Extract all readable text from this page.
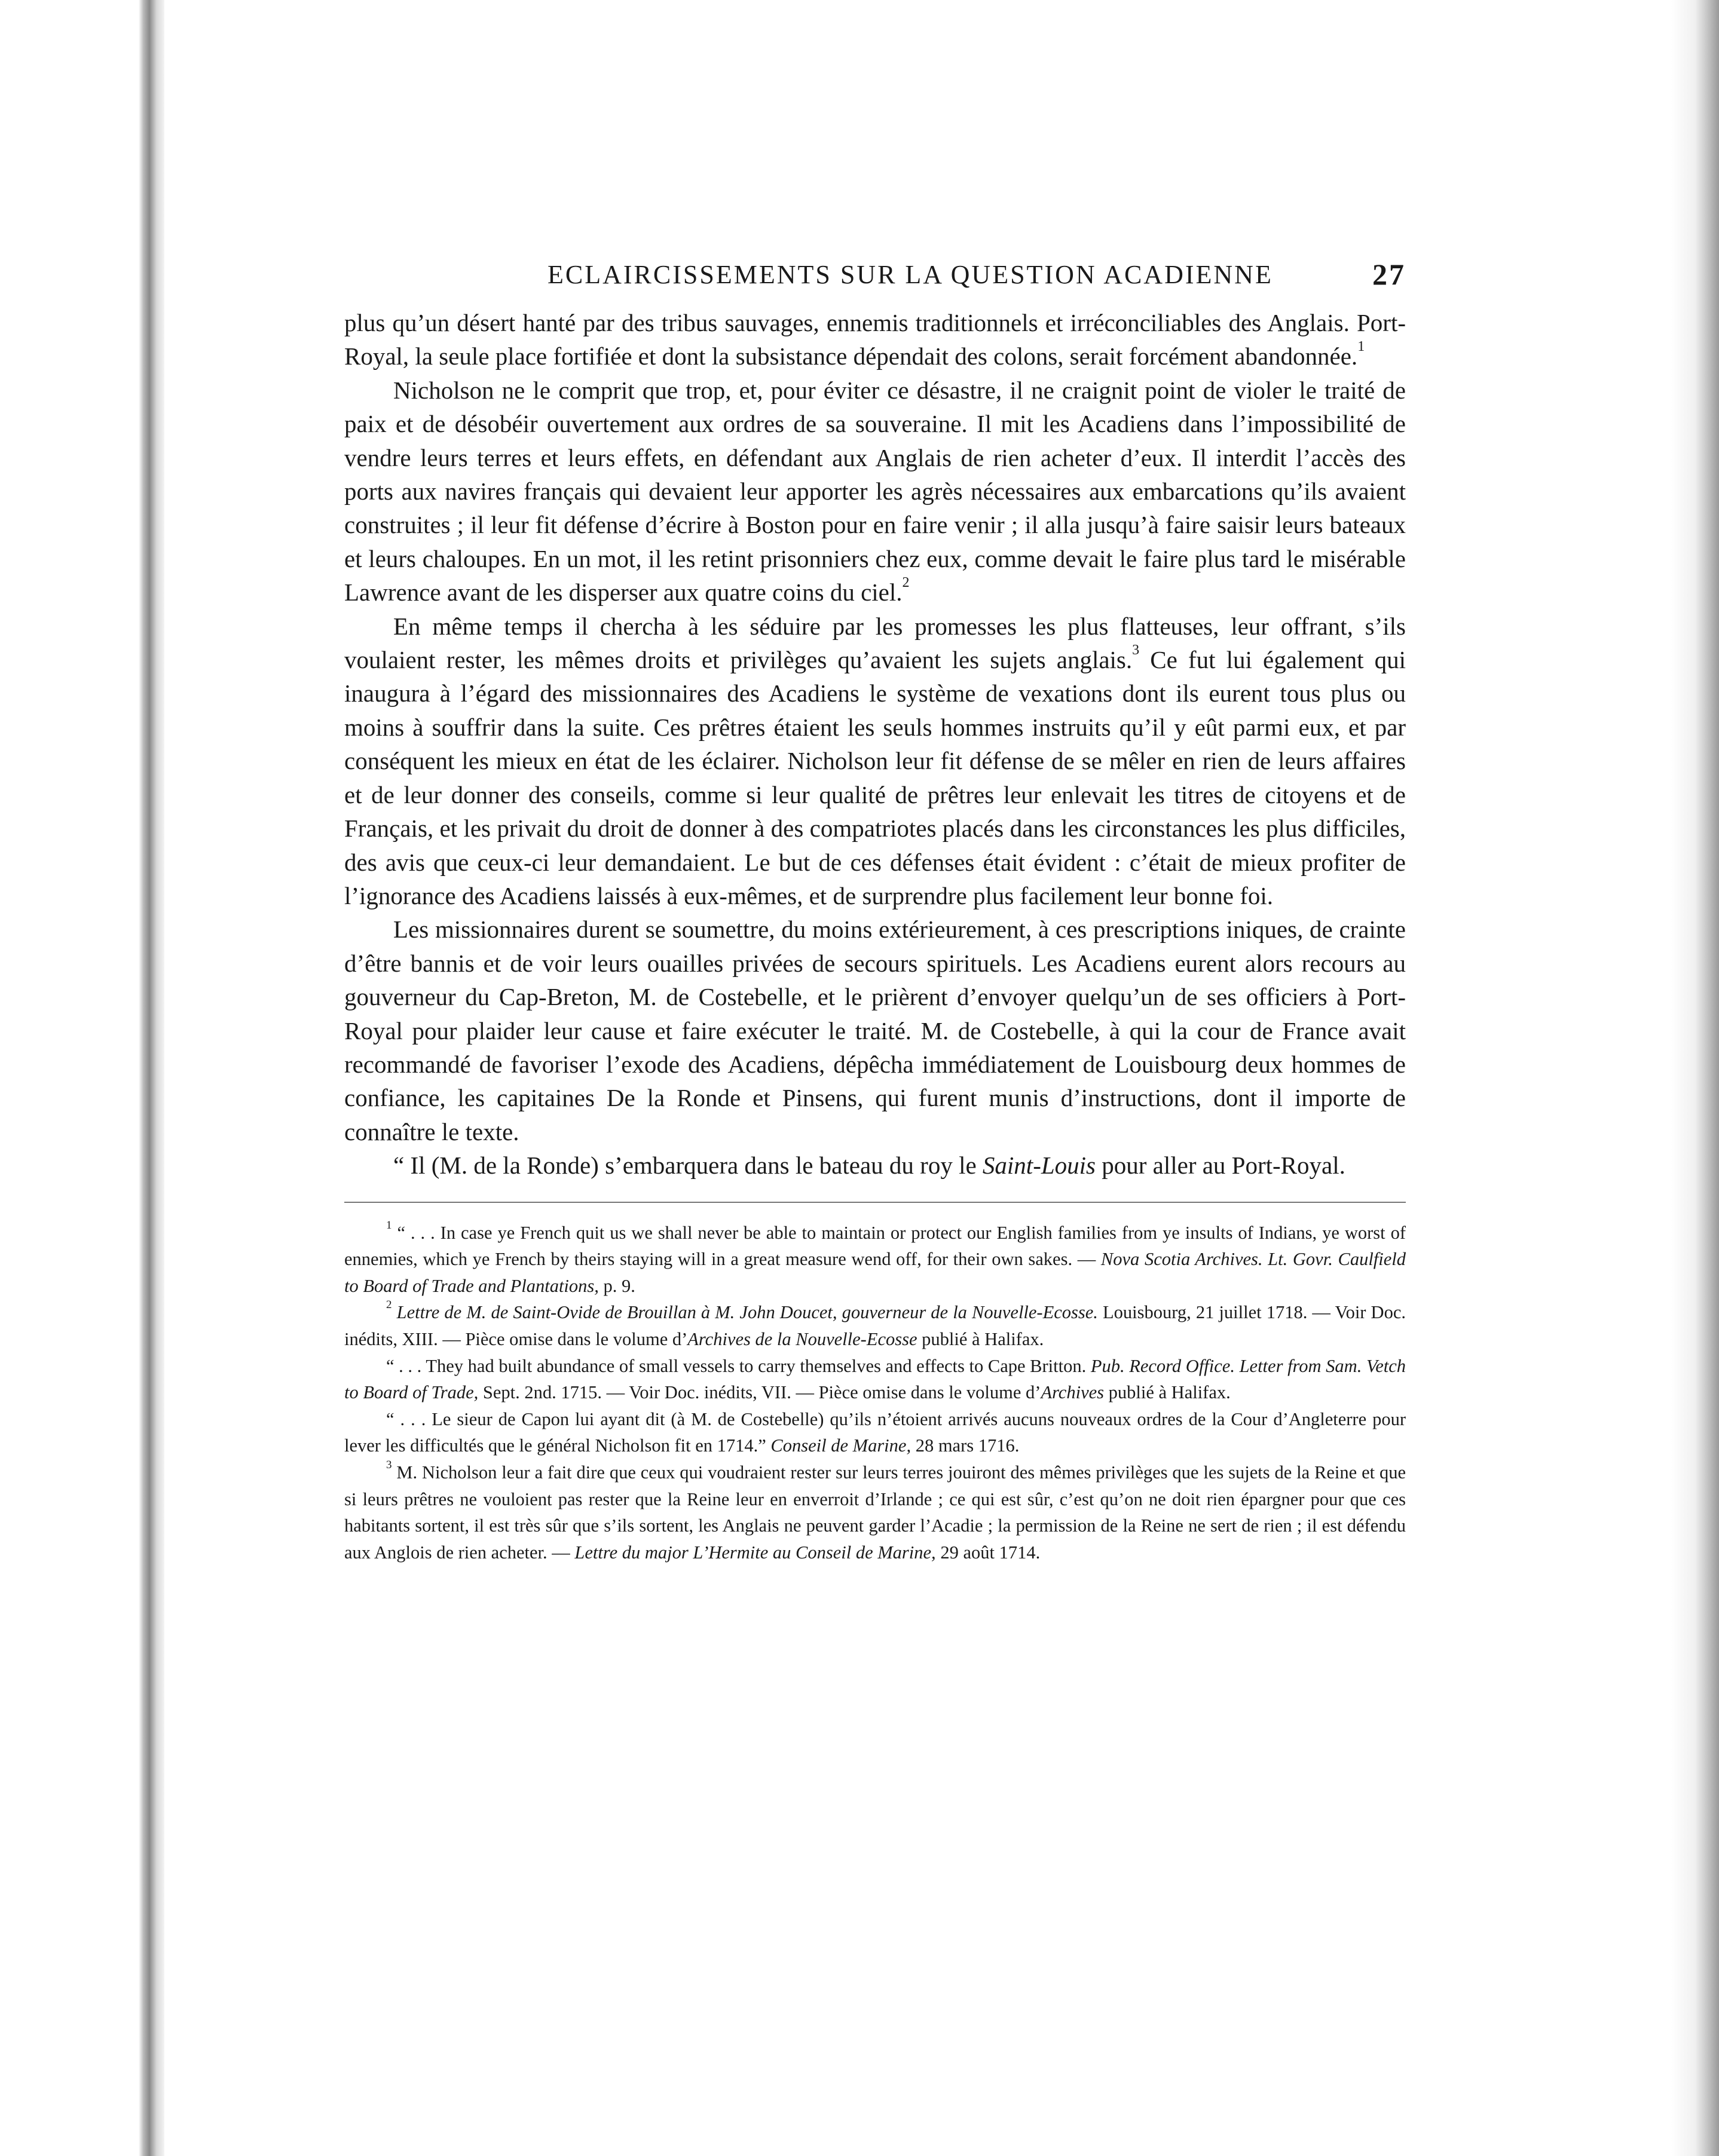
ECLAIRCISSEMENTS SUR LA QUESTION ACADIENNE	27

plus qu’un désert hanté par des tribus sauvages, ennemis traditionnels et irréconciliables des Anglais. Port-Royal, la seule place fortifiée et dont la subsistance dépendait des colons, serait forcément abandonnée.$^1$

Nicholson ne le comprit que trop, et, pour éviter ce désastre, il ne craignit point de violer le traité de paix et de désobéir ouvertement aux ordres de sa souveraine. Il mit les Acadiens dans l’impossibilité de vendre leurs terres et leurs effets, en défendant aux Anglais de rien acheter d’eux. Il interdit l’accès des ports aux navires français qui devaient leur apporter les agrès nécessaires aux embarcations qu’ils avaient construites ; il leur fit défense d’écrire à Boston pour en faire venir ; il alla jusqu’à faire saisir leurs bateaux et leurs chaloupes. En un mot, il les retint prisonniers chez eux, comme devait le faire plus tard le misérable Lawrence avant de les disperser aux quatre coins du ciel.$^2$

En même temps il chercha à les séduire par les promesses les plus flatteuses, leur offrant, s’ils voulaient rester, les mêmes droits et privilèges qu’avaient les sujets anglais.$^3$ Ce fut lui également qui inaugura à l’égard des missionnaires des Acadiens le système de vexations dont ils eurent tous plus ou moins à souffrir dans la suite. Ces prêtres étaient les seuls hommes instruits qu’il y eût parmi eux, et par conséquent les mieux en état de les éclairer. Nicholson leur fit défense de se mêler en rien de leurs affaires et de leur donner des conseils, comme si leur qualité de prêtres leur enlevait les titres de citoyens et de Français, et les privait du droit de donner à des compatriotes placés dans les circonstances les plus difficiles, des avis que ceux-ci leur demandaient. Le but de ces défenses était évident : c’était de mieux profiter de l’ignorance des Acadiens laissés à eux-mêmes, et de surprendre plus facilement leur bonne foi.

Les missionnaires durent se soumettre, du moins extérieurement, à ces prescriptions iniques, de crainte d’être bannis et de voir leurs ouailles privées de secours spirituels. Les Acadiens eurent alors recours au gouverneur du Cap-Breton, M. de Costebelle, et le prièrent d’envoyer quelqu’un de ses officiers à Port-Royal pour plaider leur cause et faire exécuter le traité. M. de Costebelle, à qui la cour de France avait recommandé de favoriser l’exode des Acadiens, dépêcha immédiatement de Louisbourg deux hommes de confiance, les capitaines De la Ronde et Pinsens, qui furent munis d’instructions, dont il importe de connaître le texte.

“ Il (M. de la Ronde) s’embarquera dans le bateau du roy le Saint-Louis pour aller au Port-Royal.

$^1$ “ . . . In case ye French quit us we shall never be able to maintain or protect our English families from ye insults of Indians, ye worst of ennemies, which ye French by theirs staying will in a great measure wend off, for their own sakes. — Nova Scotia Archives. Lt. Govr. Caulfield to Board of Trade and Plantations, p. 9.

$^2$ Lettre de M. de Saint-Ovide de Brouillan à M. John Doucet, gouverneur de la Nouvelle-Ecosse. Louisbourg, 21 juillet 1718. — Voir Doc. inédits, XIII. — Pièce omise dans le volume d’Archives de la Nouvelle-Ecosse publié à Halifax.

“ . . . They had built abundance of small vessels to carry themselves and effects to Cape Britton. Pub. Record Office. Letter from Sam. Vetch to Board of Trade, Sept. 2nd. 1715. — Voir Doc. inédits, VII. — Pièce omise dans le volume d’Archives publié à Halifax.

“ . . . Le sieur de Capon lui ayant dit (à M. de Costebelle) qu’ils n’étoient arrivés aucuns nouveaux ordres de la Cour d’Angleterre pour lever les difficultés que le général Nicholson fit en 1714.” Conseil de Marine, 28 mars 1716.

$^3$ M. Nicholson leur a fait dire que ceux qui voudraient rester sur leurs terres jouiront des mêmes privilèges que les sujets de la Reine et que si leurs prêtres ne vouloient pas rester que la Reine leur en enverroit d’Irlande ; ce qui est sûr, c’est qu’on ne doit rien épargner pour que ces habitants sortent, il est très sûr que s’ils sortent, les Anglais ne peuvent garder l’Acadie ; la permission de la Reine ne sert de rien ; il est défendu aux Anglois de rien acheter. — Lettre du major L’Hermite au Conseil de Marine, 29 août 1714.
